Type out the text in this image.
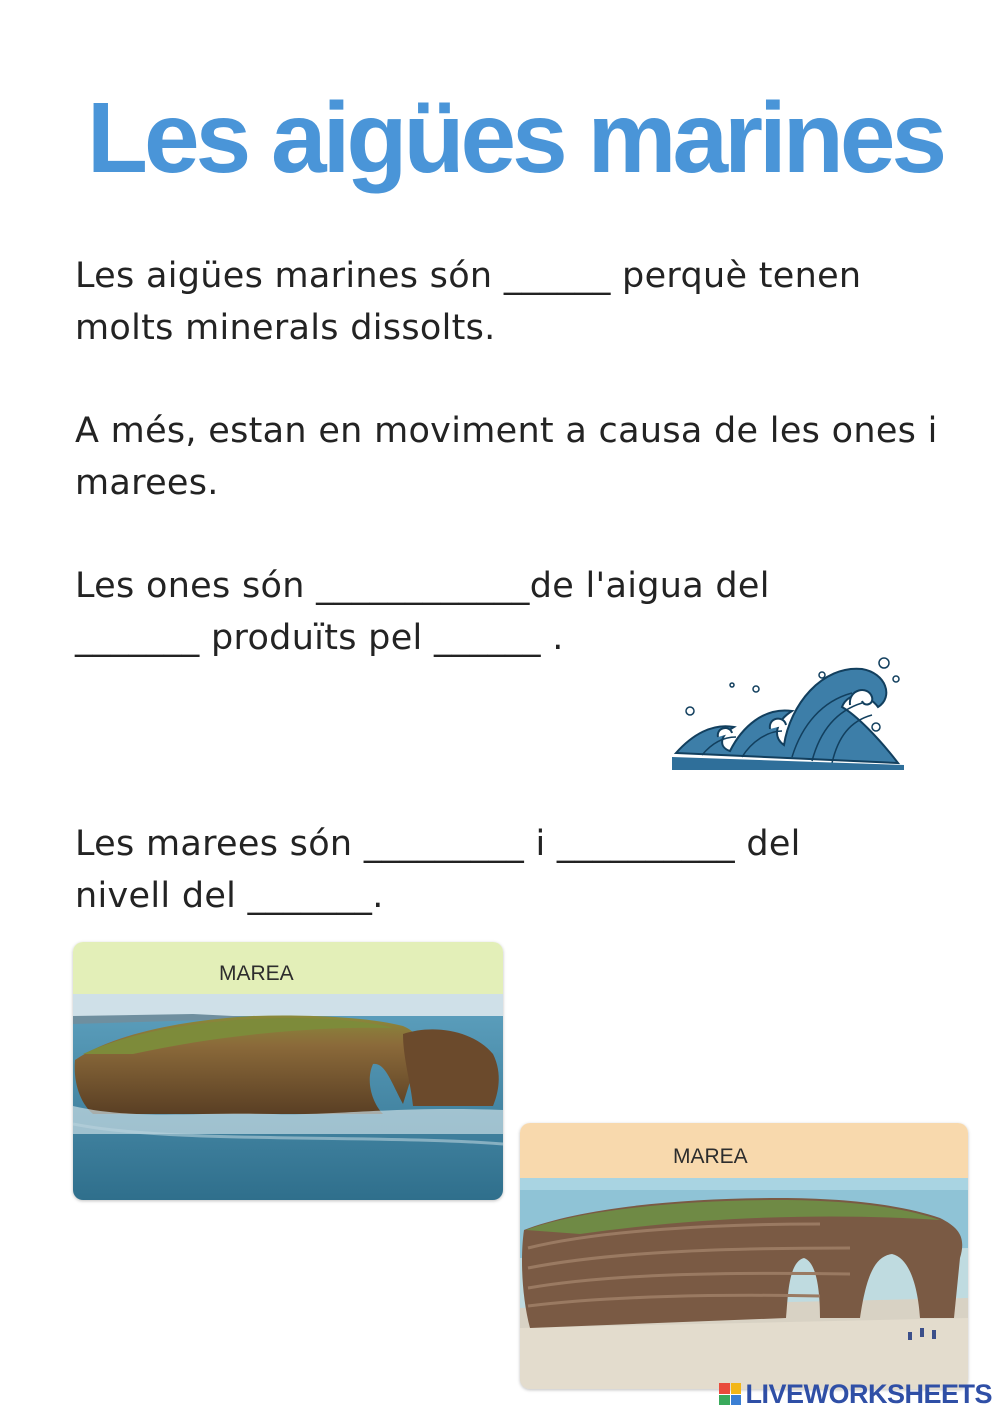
Les aigües marines
Les aigües marines són ______ perquè tenen
molts minerals dissolts.
A més, estan en moviment a causa de les ones i
marees.
Les ones són ____________de l'aigua del
_______ produïts pel ______ .
Les marees són _________ i __________ del
nivell del _______.
MAREA
MAREA
LIVEWORKSHEETS
